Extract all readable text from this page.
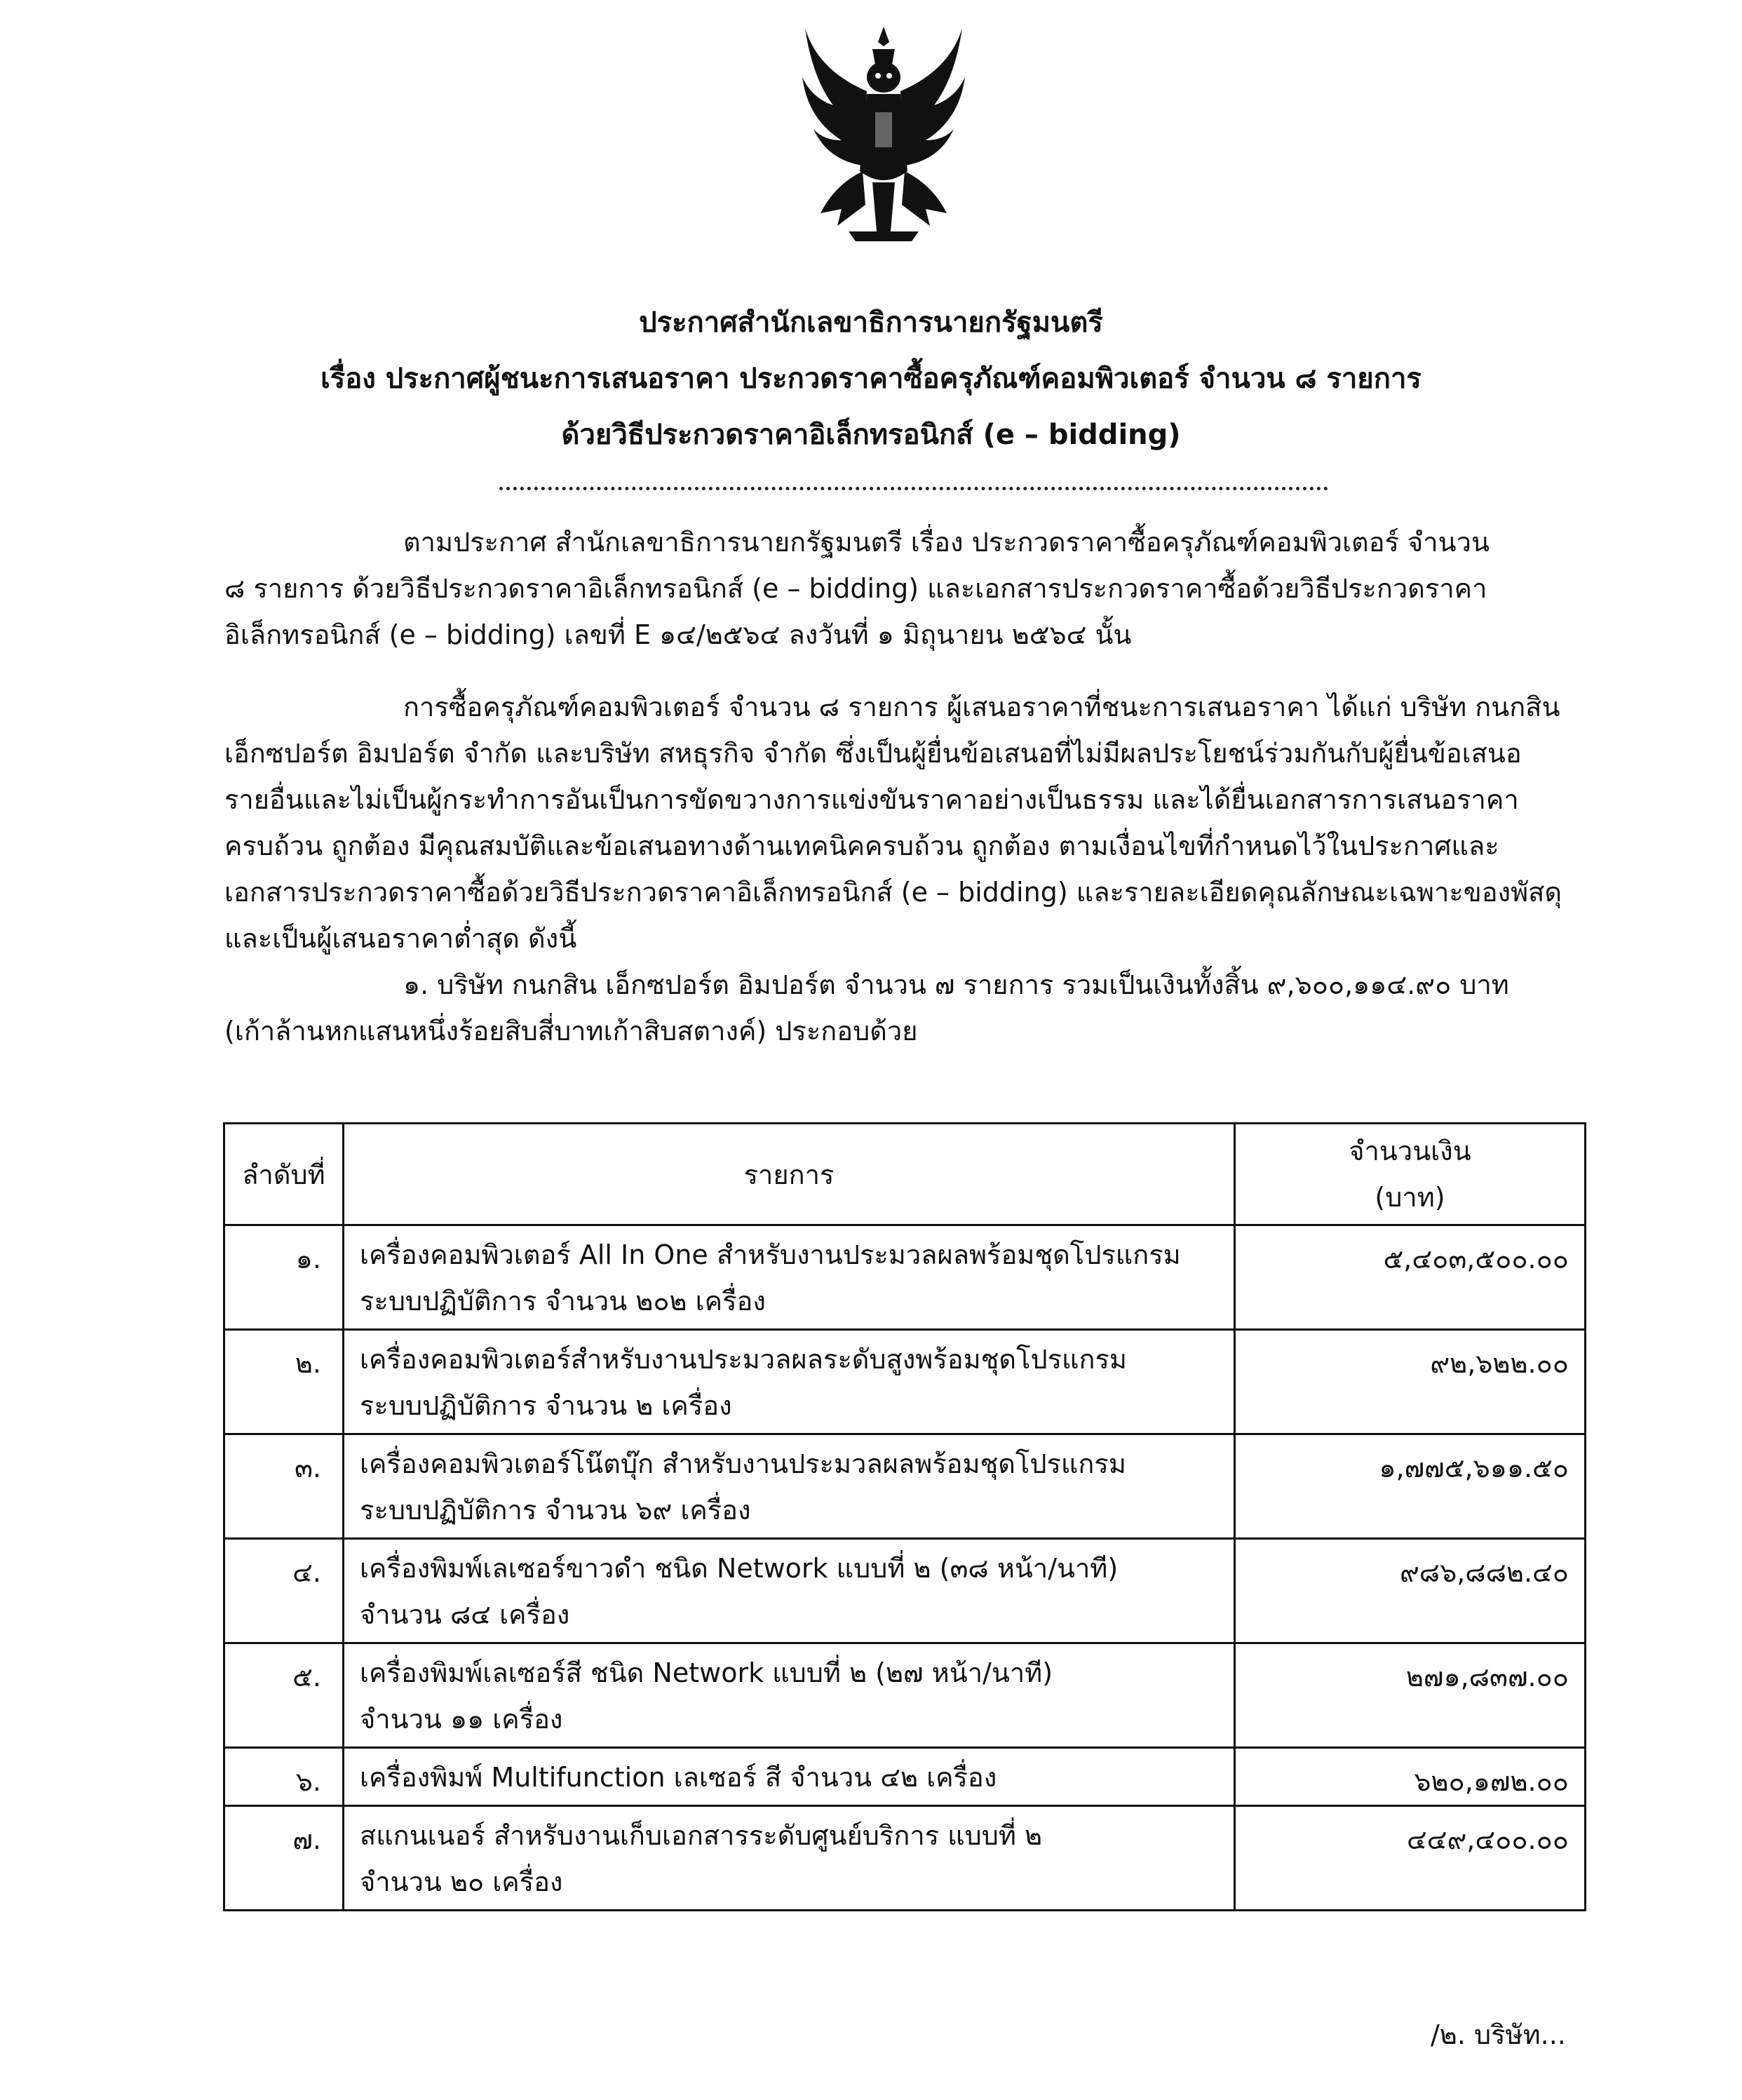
ประกาศสำนักเลขาธิการนายกรัฐมนตรี
เรื่อง ประกาศผู้ชนะการเสนอราคา ประกวดราคาซื้อครุภัณฑ์คอมพิวเตอร์ จำนวน ๘ รายการ
ด้วยวิธีประกวดราคาอิเล็กทรอนิกส์ (e – bidding)
ตามประกาศ สำนักเลขาธิการนายกรัฐมนตรี เรื่อง ประกวดราคาซื้อครุภัณฑ์คอมพิวเตอร์ จำนวน
๘ รายการ ด้วยวิธีประกวดราคาอิเล็กทรอนิกส์ (e – bidding) และเอกสารประกวดราคาซื้อด้วยวิธีประกวดราคา
อิเล็กทรอนิกส์ (e – bidding) เลขที่ E ๑๔/๒๕๖๔ ลงวันที่ ๑ มิถุนายน ๒๕๖๔ นั้น
การซื้อครุภัณฑ์คอมพิวเตอร์ จำนวน ๘ รายการ ผู้เสนอราคาที่ชนะการเสนอราคา ได้แก่ บริษัท กนกสิน
เอ็กซปอร์ต อิมปอร์ต จำกัด และบริษัท สหธุรกิจ จำกัด ซึ่งเป็นผู้ยื่นข้อเสนอที่ไม่มีผลประโยชน์ร่วมกันกับผู้ยื่นข้อเสนอ
รายอื่นและไม่เป็นผู้กระทำการอันเป็นการขัดขวางการแข่งขันราคาอย่างเป็นธรรม และได้ยื่นเอกสารการเสนอราคา
ครบถ้วน ถูกต้อง มีคุณสมบัติและข้อเสนอทางด้านเทคนิคครบถ้วน ถูกต้อง ตามเงื่อนไขที่กำหนดไว้ในประกาศและ
เอกสารประกวดราคาซื้อด้วยวิธีประกวดราคาอิเล็กทรอนิกส์ (e – bidding) และรายละเอียดคุณลักษณะเฉพาะของพัสดุ
และเป็นผู้เสนอราคาต่ำสุด ดังนี้
๑. บริษัท กนกสิน เอ็กซปอร์ต อิมปอร์ต จำนวน ๗ รายการ รวมเป็นเงินทั้งสิ้น ๙,๖๐๐,๑๑๔.๙๐ บาท
(เก้าล้านหกแสนหนึ่งร้อยสิบสี่บาทเก้าสิบสตางค์) ประกอบด้วย
ลำดับที่	รายการ	จำนวนเงิน
(บาท)

๑.	เครื่องคอมพิวเตอร์ All In One สำหรับงานประมวลผลพร้อมชุดโปรแกรม
ระบบปฏิบัติการ จำนวน ๒๐๒ เครื่อง	๕,๔๐๓,๕๐๐.๐๐
๒.	เครื่องคอมพิวเตอร์สำหรับงานประมวลผลระดับสูงพร้อมชุดโปรแกรม
ระบบปฏิบัติการ จำนวน ๒ เครื่อง	๙๒,๖๒๒.๐๐
๓.	เครื่องคอมพิวเตอร์โน๊ตบุ๊ก สำหรับงานประมวลผลพร้อมชุดโปรแกรม
ระบบปฏิบัติการ จำนวน ๖๙ เครื่อง	๑,๗๗๕,๖๑๑.๕๐
๔.	เครื่องพิมพ์เลเซอร์ขาวดำ ชนิด Network แบบที่ ๒ (๓๘ หน้า/นาที)
จำนวน ๘๔ เครื่อง	๙๘๖,๘๘๒.๔๐
๕.	เครื่องพิมพ์เลเซอร์สี ชนิด Network แบบที่ ๒ (๒๗ หน้า/นาที)
จำนวน ๑๑ เครื่อง	๒๗๑,๘๓๗.๐๐
๖.	เครื่องพิมพ์ Multifunction เลเซอร์ สี จำนวน ๔๒ เครื่อง	๖๒๐,๑๗๒.๐๐
๗.	สแกนเนอร์ สำหรับงานเก็บเอกสารระดับศูนย์บริการ แบบที่ ๒
จำนวน ๒๐ เครื่อง	๔๔๙,๔๐๐.๐๐
/๒. บริษัท...
